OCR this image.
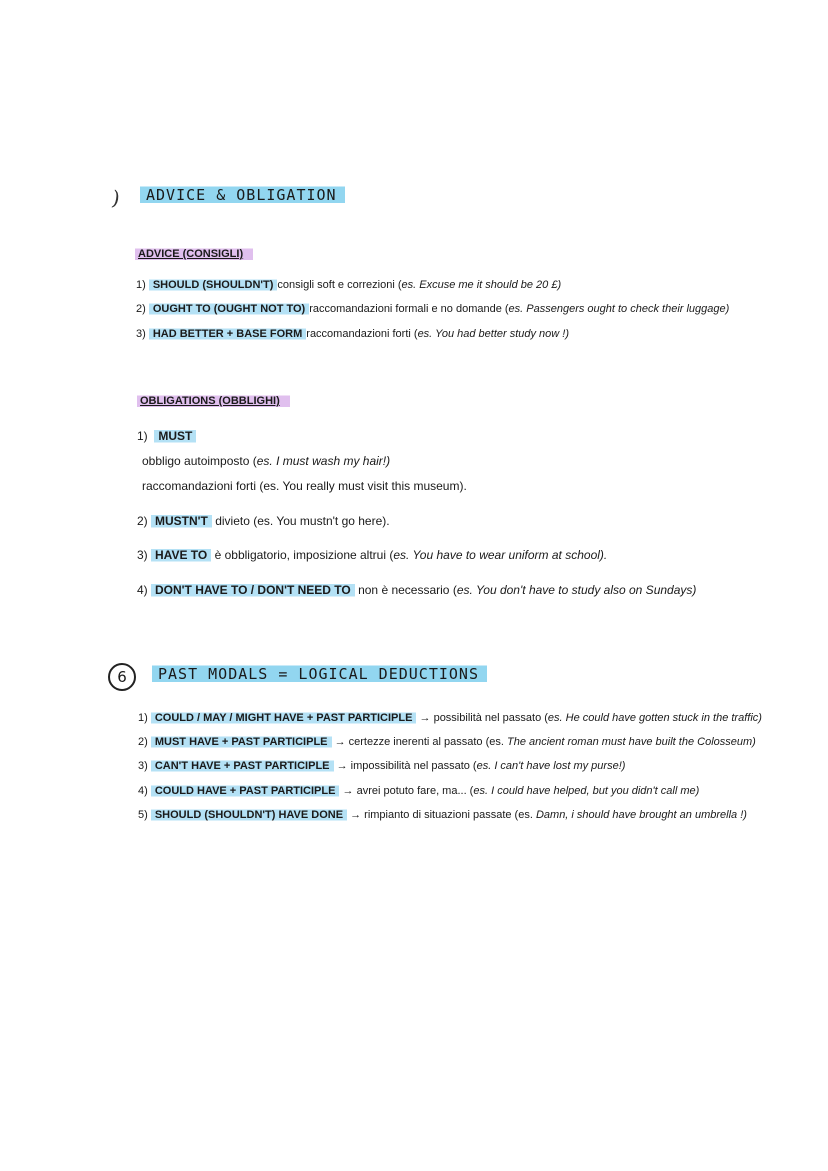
)	ADVICE & OBLIGATION
ADVICE (CONSIGLI)
1) SHOULD (SHOULDN'T) consigli soft e correzioni (es. Excuse me it should be 20 £)
2) OUGHT TO (OUGHT NOT TO) raccomandazioni formali e no domande (es. Passengers ought to check their luggage)
3) HAD BETTER + BASE FORM raccomandazioni forti (es. You had better study now !)
OBLIGATIONS (OBBLIGHI)
1) MUST
obbligo autoimposto (es. I must wash my hair!)
raccomandazioni forti (es. You really must visit this museum).
2) MUSTN'T divieto (es. You mustn't go here).
3) HAVE TO è obbligatorio, imposizione altrui (es. You have to wear uniform at school).
4) DON'T HAVE TO / DON'T NEED TO non è necessario (es. You don't have to study also on Sundays)
6	PAST MODALS = LOGICAL DEDUCTIONS
1) COULD / MAY / MIGHT HAVE + PAST PARTICIPLE → possibilità nel passato (es. He could have gotten stuck in the traffic)
2) MUST HAVE + PAST PARTICIPLE → certezze inerenti al passato (es. The ancient roman must have built the Colosseum)
3) CAN'T HAVE + PAST PARTICIPLE → impossibilità nel passato (es. I can't have lost my purse!)
4) COULD HAVE + PAST PARTICIPLE → avrei potuto fare, ma... (es. I could have helped, but you didn't call me)
5) SHOULD (SHOULDN'T) HAVE DONE → rimpianto di situazioni passate (es. Damn, i should have brought an umbrella !)
